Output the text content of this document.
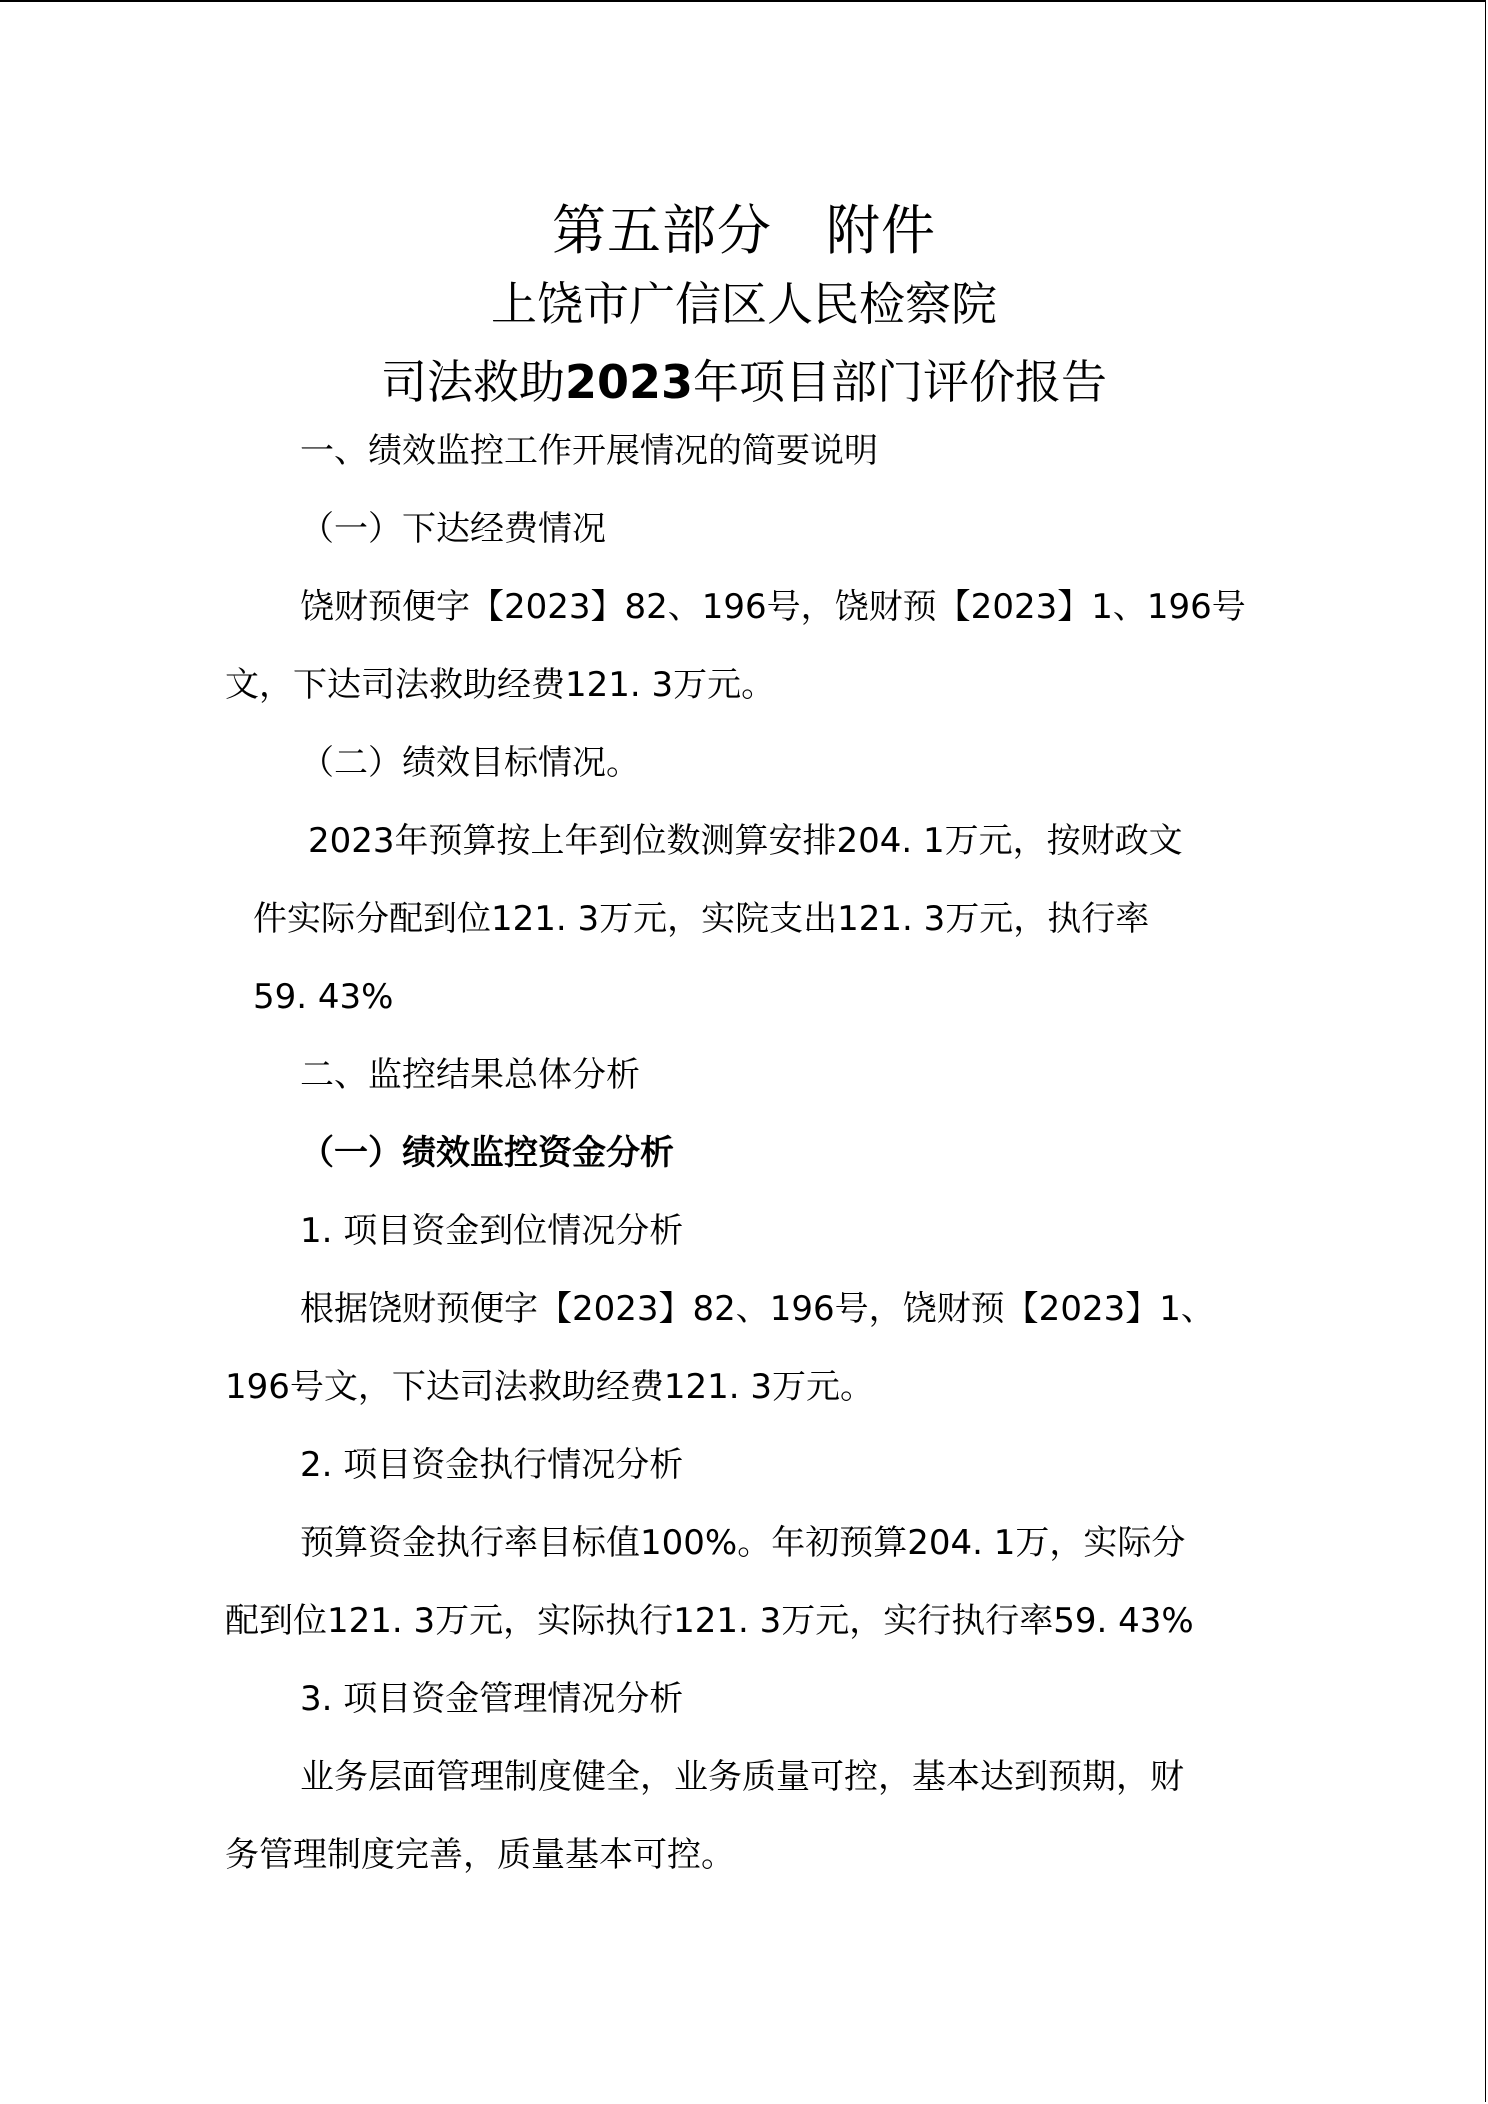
第五部分 附件
上饶市广信区人民检察院
司法救助2023年项目部门评价报告
一、绩效监控工作开展情况的简要说明
（一）下达经费情况
饶财预便字【2023】82、196号，饶财预【2023】1、196号
文，下达司法救助经费121. 3万元。
（二）绩效目标情况。
2023年预算按上年到位数测算安排204. 1万元，按财政文
件实际分配到位121. 3万元，实院支出121. 3万元，执行率
59. 43%
二、监控结果总体分析
（一）绩效监控资金分析
1. 项目资金到位情况分析
根据饶财预便字【2023】82、196号，饶财预【2023】1、
196号文，下达司法救助经费121. 3万元。
2. 项目资金执行情况分析
预算资金执行率目标值100%。年初预算204. 1万，实际分
配到位121. 3万元，实际执行121. 3万元，实行执行率59. 43%
3. 项目资金管理情况分析
业务层面管理制度健全，业务质量可控，基本达到预期，财
务管理制度完善，质量基本可控。
